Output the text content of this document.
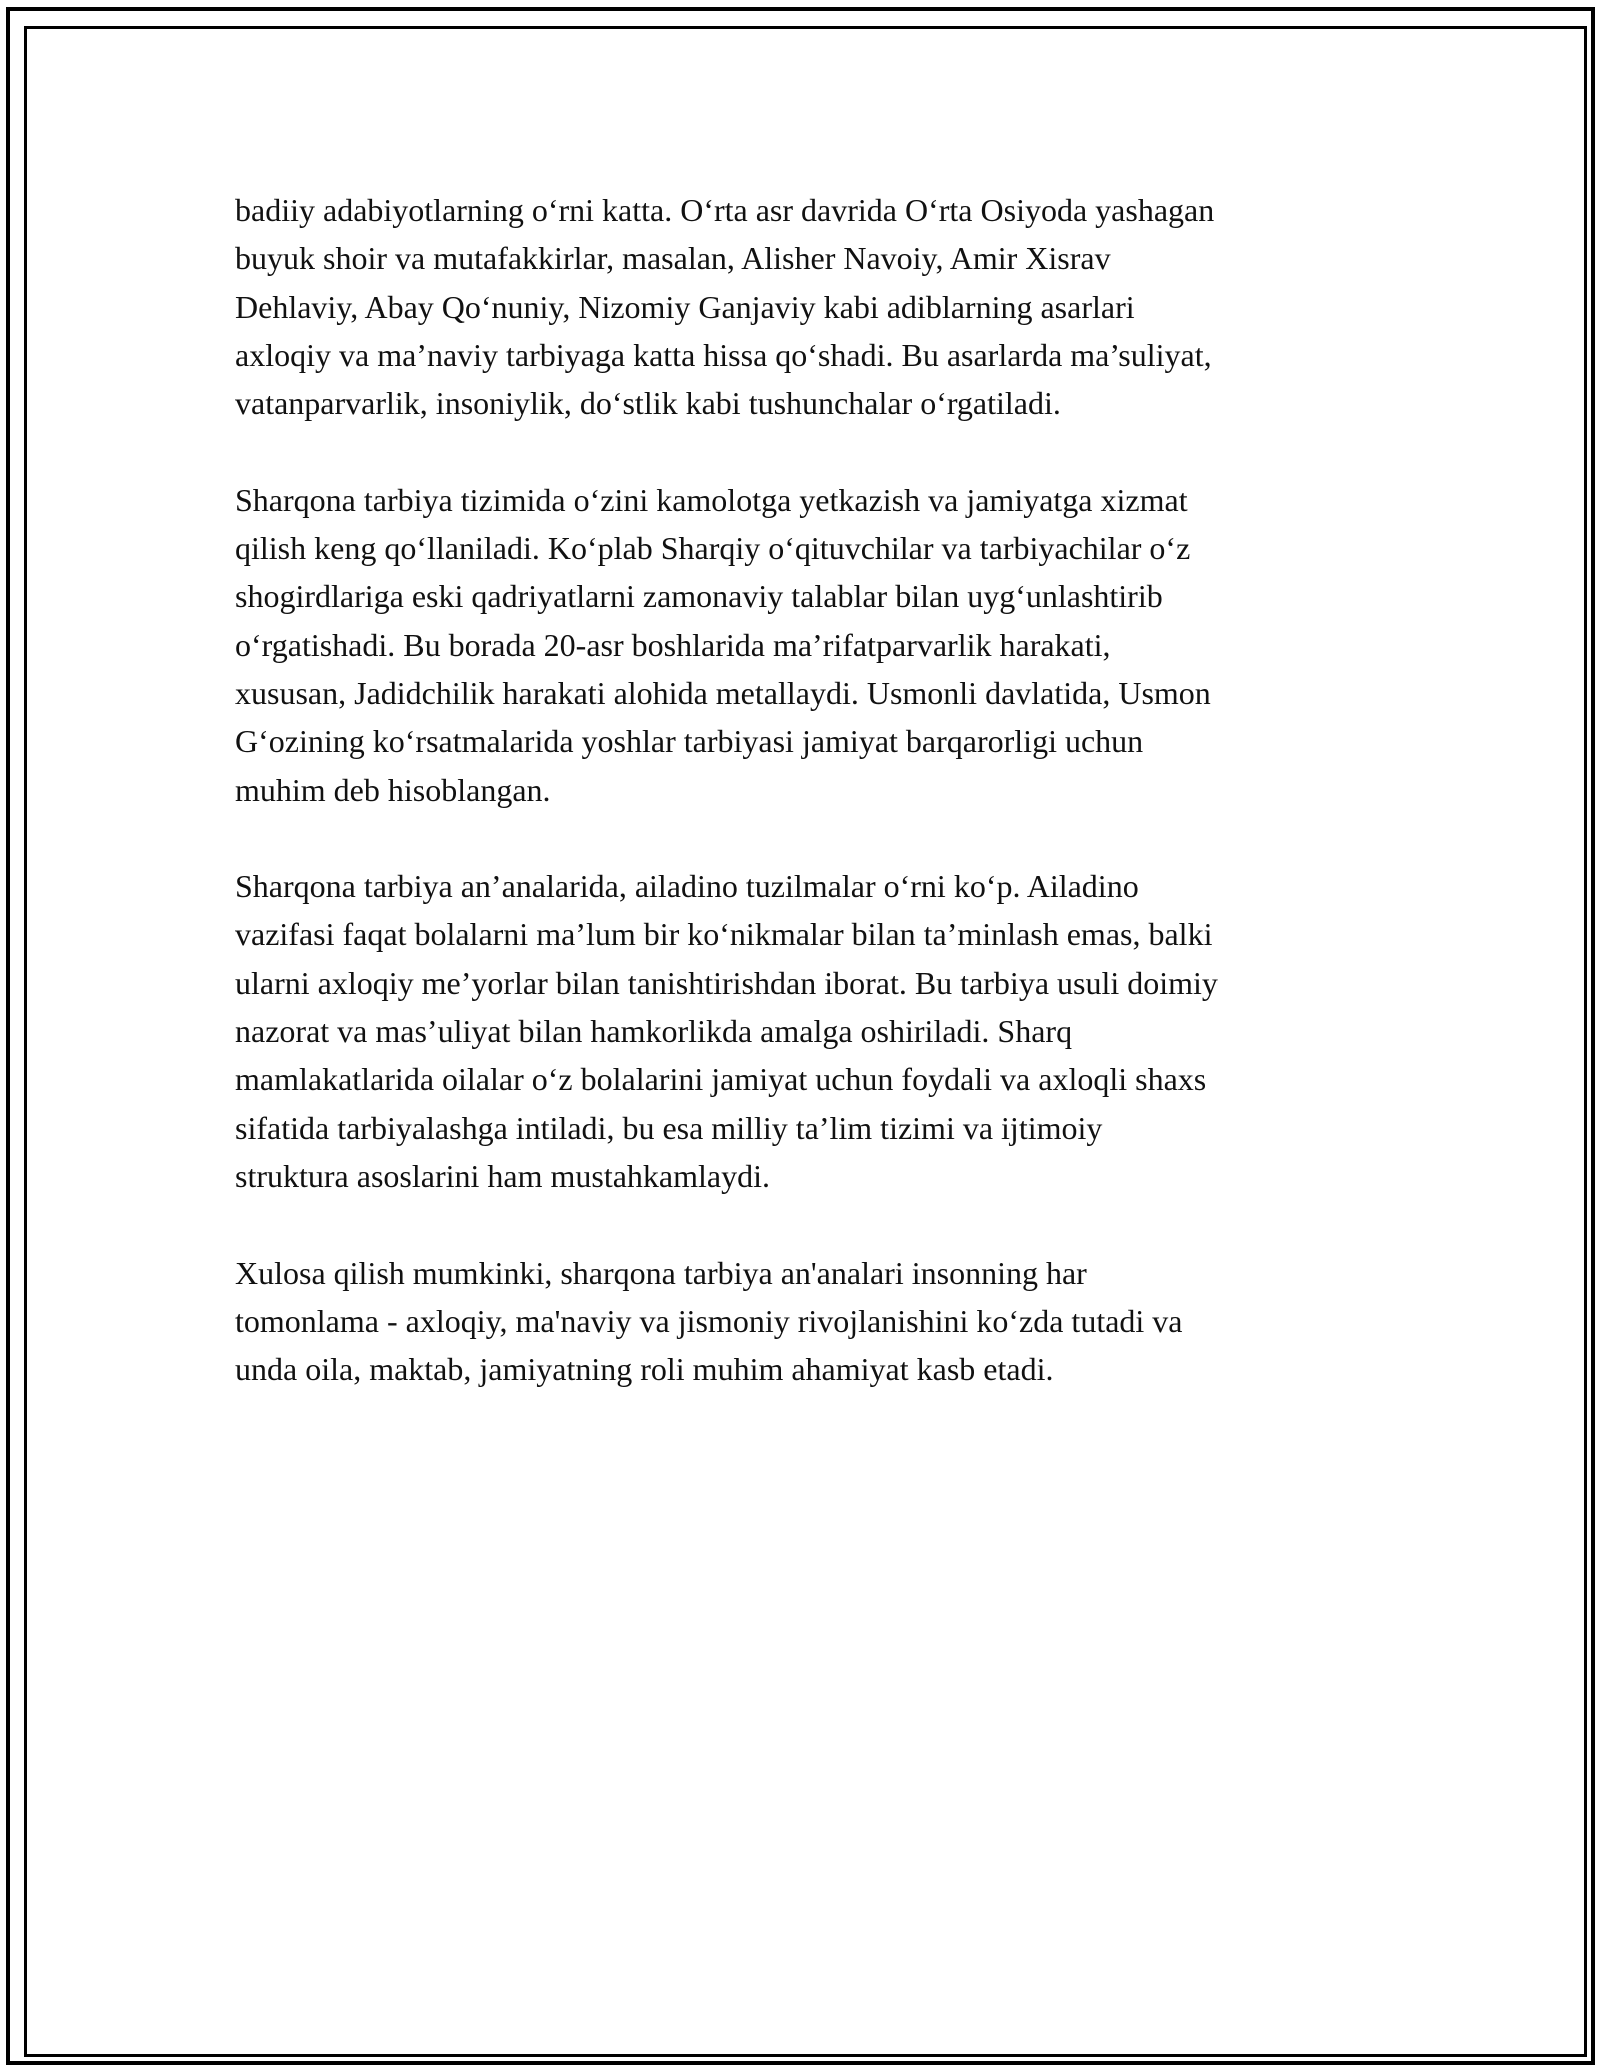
badiiy adabiyotlarning o‘rni katta. O‘rta asr davrida O‘rta Osiyoda yashagan
buyuk shoir va mutafakkirlar, masalan, Alisher Navoiy, Amir Xisrav
Dehlaviy, Abay Qo‘nuniy, Nizomiy Ganjaviy kabi adiblarning asarlari
axloqiy va ma’naviy tarbiyaga katta hissa qo‘shadi. Bu asarlarda ma’suliyat,
vatanparvarlik, insoniylik, do‘stlik kabi tushunchalar o‘rgatiladi.

Sharqona tarbiya tizimida o‘zini kamolotga yetkazish va jamiyatga xizmat
qilish keng qo‘llaniladi. Ko‘plab Sharqiy o‘qituvchilar va tarbiyachilar o‘z
shogirdlariga eski qadriyatlarni zamonaviy talablar bilan uyg‘unlashtirib
o‘rgatishadi. Bu borada 20-asr boshlarida ma’rifatparvarlik harakati,
xususan, Jadidchilik harakati alohida metallaydi. Usmonli davlatida, Usmon
G‘ozining ko‘rsatmalarida yoshlar tarbiyasi jamiyat barqarorligi uchun
muhim deb hisoblangan.

Sharqona tarbiya an’analarida, ailadino tuzilmalar o‘rni ko‘p. Ailadino
vazifasi faqat bolalarni ma’lum bir ko‘nikmalar bilan ta’minlash emas, balki
ularni axloqiy me’yorlar bilan tanishtirishdan iborat. Bu tarbiya usuli doimiy
nazorat va mas’uliyat bilan hamkorlikda amalga oshiriladi. Sharq
mamlakatlarida oilalar o‘z bolalarini jamiyat uchun foydali va axloqli shaxs
sifatida tarbiyalashga intiladi, bu esa milliy ta’lim tizimi va ijtimoiy
struktura asoslarini ham mustahkamlaydi.

Xulosa qilish mumkinki, sharqona tarbiya an'analari insonning har
tomonlama - axloqiy, ma'naviy va jismoniy rivojlanishini ko‘zda tutadi va
unda oila, maktab, jamiyatning roli muhim ahamiyat kasb etadi.
